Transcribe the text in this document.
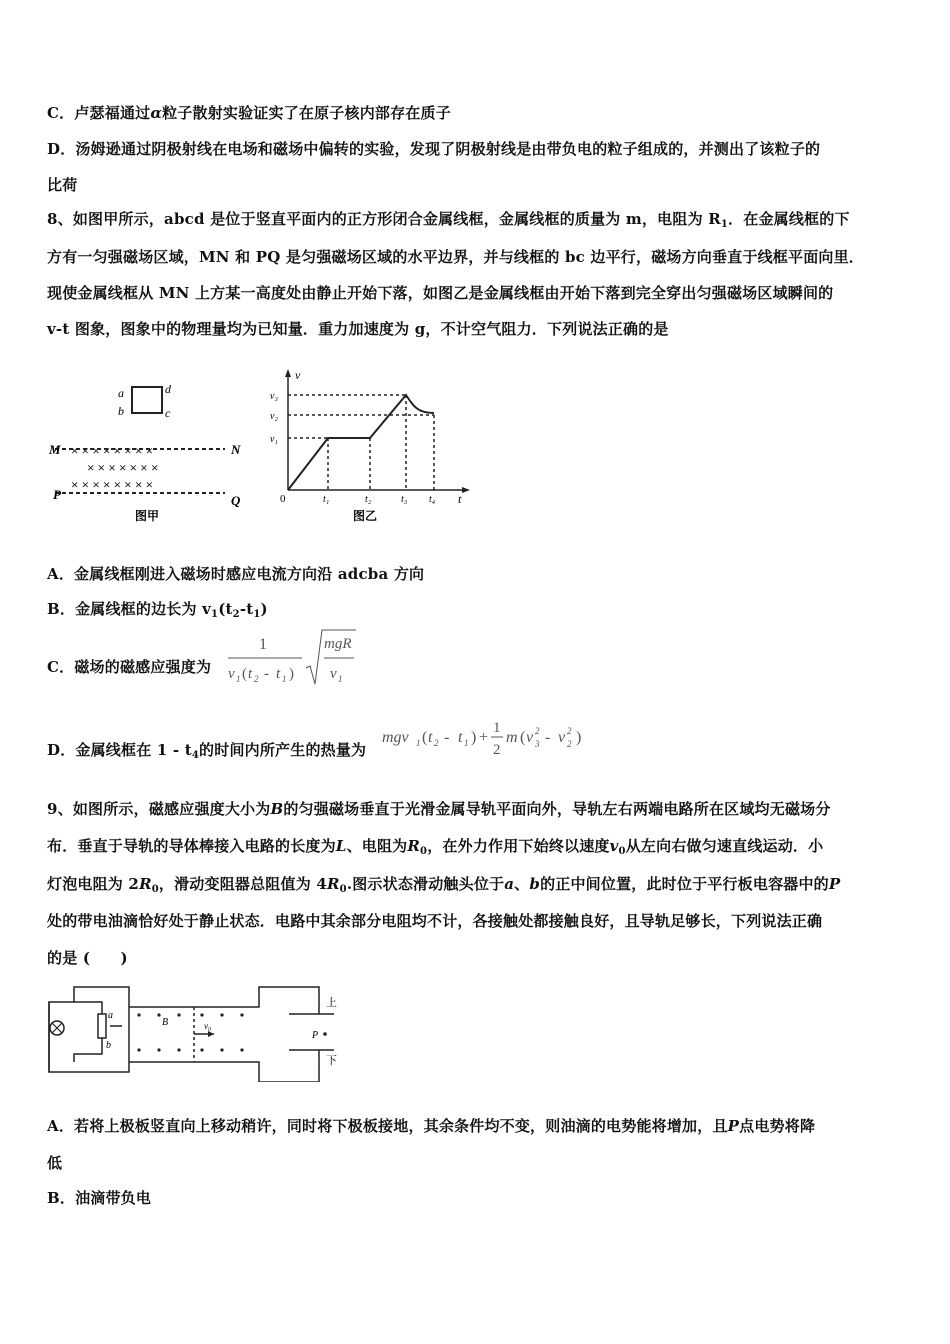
C．卢瑟福通过α粒子散射实验证实了在原子核内部存在质子
D．汤姆逊通过阴极射线在电场和磁场中偏转的实验，发现了阴极射线是由带负电的粒子组成的，并测出了该粒子的
比荷
8、如图甲所示，abcd 是位于竖直平面内的正方形闭合金属线框，金属线框的质量为 m，电阻为 $R_1$．在金属线框的下
方有一匀强磁场区域，MN 和 PQ 是匀强磁场区域的水平边界，并与线框的 bc 边平行，磁场方向垂直于线框平面向里．
现使金属线框从 MN 上方某一高度处由静止开始下落，如图乙是金属线框由开始下落到完全穿出匀强磁场区域瞬间的
v-t 图象，图象中的物理量均为已知量．重力加速度为 g，不计空气阻力．下列说法正确的是
a
b	c
d
M	N
P	Q
× × × × × × × ×
× × × × × × ×
× × × × × × × ×
图甲
v
t
0
v₃
v₂
v₁
t₁	t₂	t₃ t₄
图乙
A．金属线框刚进入磁场时感应电流方向沿 adcba 方向
B．金属线框的边长为 $v_1(t_2-t_1)$
C．磁场的磁感应强度为
1
v 1 ( t 2 - t 1 )
mgR
v 1
D．金属线框在 $1 - t_4$的时间内所产生的热量为
mgv 1 ( t 2 - t 1 ) +
1
2
m ( v 2
3 - v 2
2 )
9、如图所示，磁感应强度大小为B的匀强磁场垂直于光滑金属导轨平面向外，导轨左右两端电路所在区域均无磁场分
布．垂直于导轨的导体棒接入电路的长度为L、电阻为$R_0$，在外力作用下始终以速度$v_0$从左向右做匀速直线运动．小
灯泡电阻为 $2R_0$，滑动变阻器总阻值为 $4R_0$.图示状态滑动触头位于a、b的正中间位置，此时位于平行板电容器中的P
处的带电油滴恰好处于静止状态．电路中其余部分电阻均不计，各接触处都接触良好，且导轨足够长，下列说法正确
的是 (　　)
a
b
B	v₀
P
上
下
A．若将上极板竖直向上移动稍许，同时将下极板接地，其余条件均不变，则油滴的电势能将增加，且P点电势将降
低
B．油滴带负电
